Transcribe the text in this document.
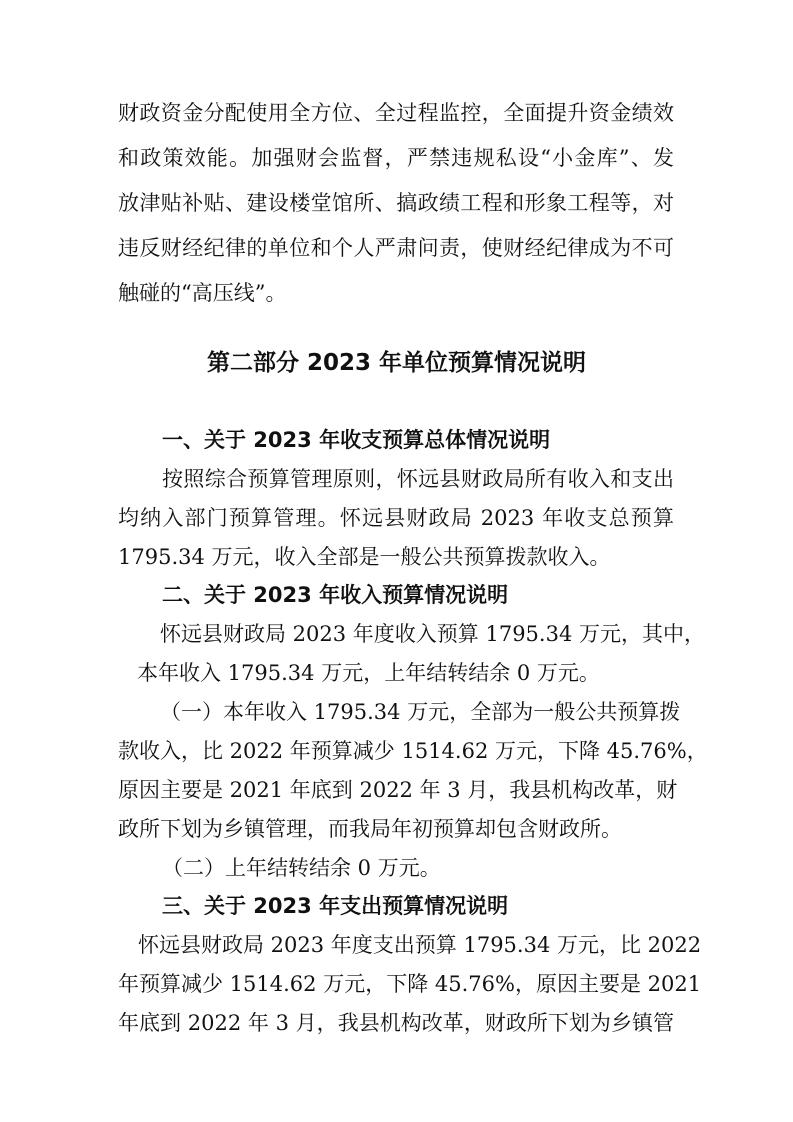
财政资金分配使用全方位、全过程监控，全面提升资金绩效
和政策效能。加强财会监督，严禁违规私设“小金库”、发
放津贴补贴、建设楼堂馆所、搞政绩工程和形象工程等，对
违反财经纪律的单位和个人严肃问责，使财经纪律成为不可
触碰的“高压线”。
第二部分 2023 年单位预算情况说明
一、关于 2023 年收支预算总体情况说明
按照综合预算管理原则，怀远县财政局所有收入和支出
均纳入部门预算管理。怀远县财政局 2023 年收支总预算
1795.34 万元，收入全部是一般公共预算拨款收入。
二、关于 2023 年收入预算情况说明
怀远县财政局 2023 年度收入预算 1795.34 万元，其中，
本年收入 1795.34 万元，上年结转结余 0 万元。
（一）本年收入 1795.34 万元，全部为一般公共预算拨
款收入，比 2022 年预算减少 1514.62 万元，下降 45.76%，
原因主要是 2021 年底到 2022 年 3 月，我县机构改革，财
政所下划为乡镇管理，而我局年初预算却包含财政所。
（二）上年结转结余 0 万元。
三、关于 2023 年支出预算情况说明
怀远县财政局 2023 年度支出预算 1795.34 万元，比 2022
年预算减少 1514.62 万元，下降 45.76%，原因主要是 2021
年底到 2022 年 3 月，我县机构改革，财政所下划为乡镇管
